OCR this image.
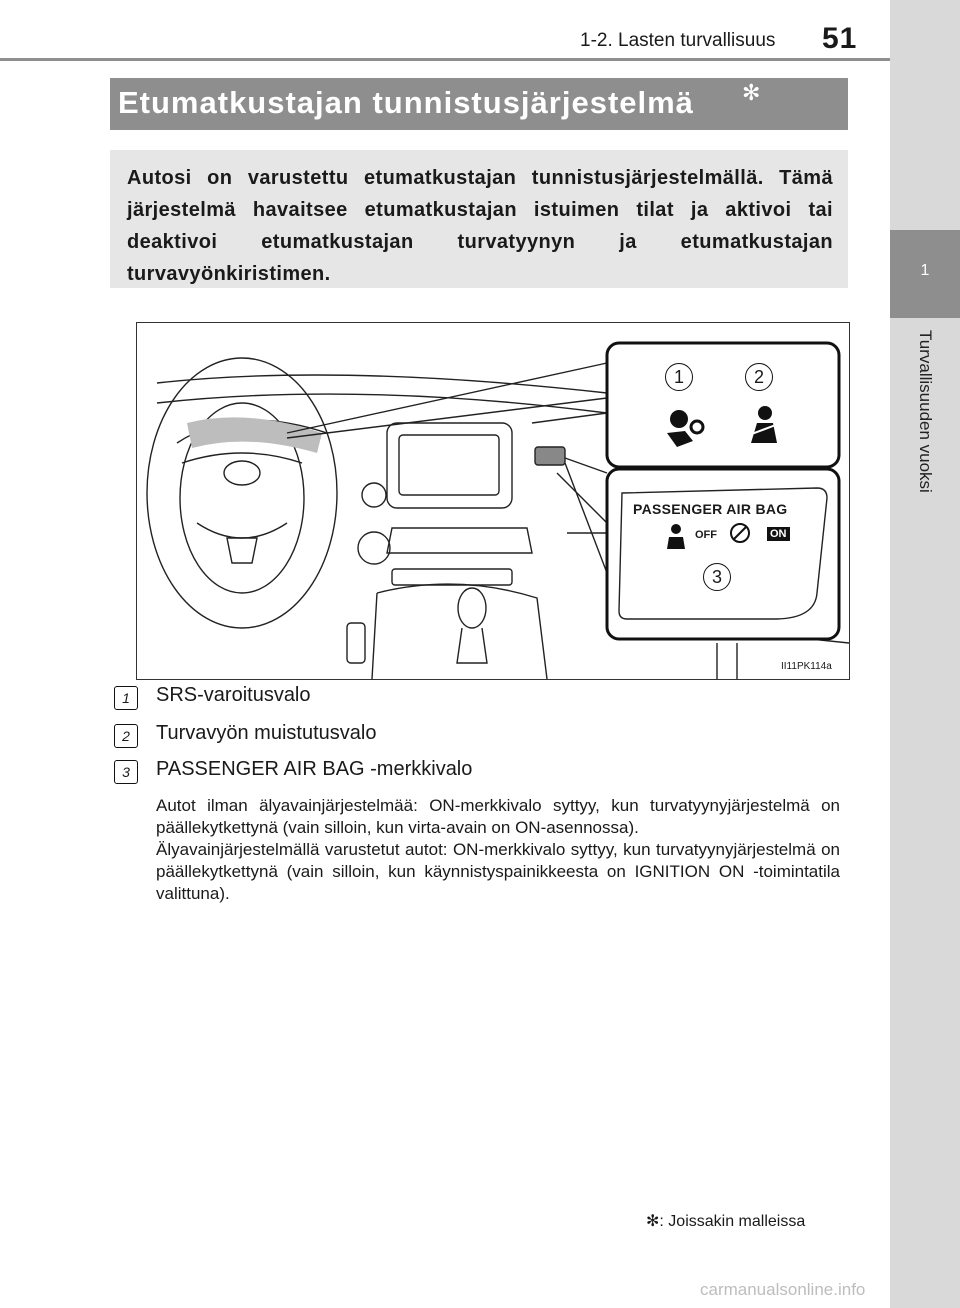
1-2. Lasten turvallisuus 51
1
Turvallisuuden vuoksi
Etumatkustajan tunnistusjärjestelmä ✻

Autosi on varustettu etumatkustajan tunnistusjärjestelmällä. Tämä järjestelmä havaitsee etumatkustajan istuimen tilat ja aktivoi tai deaktivoi etumatkustajan turvatyynyn ja etumatkustajan turvavyönkiristimen.

1	2
3
PASSENGER AIR BAG
OFF	ON
II11PK114a
1	SRS-varoitusvalo
2	Turvavyön muistutusvalo
3	PASSENGER AIR BAG -merkkivalo

Autot ilman älyavainjärjestelmää: ON-merkkivalo syttyy, kun turvatyynyjärjestelmä on päällekytkettynä (vain silloin, kun virta-avain on ON-asennossa).

Älyavainjärjestelmällä varustetut autot: ON-merkkivalo syttyy, kun turvatyynyjärjestelmä on päällekytkettynä (vain silloin, kun käynnistyspainikkeesta on IGNITION ON -toimintatila valittuna).

✻: Joissakin malleissa
carmanualsonline.info
